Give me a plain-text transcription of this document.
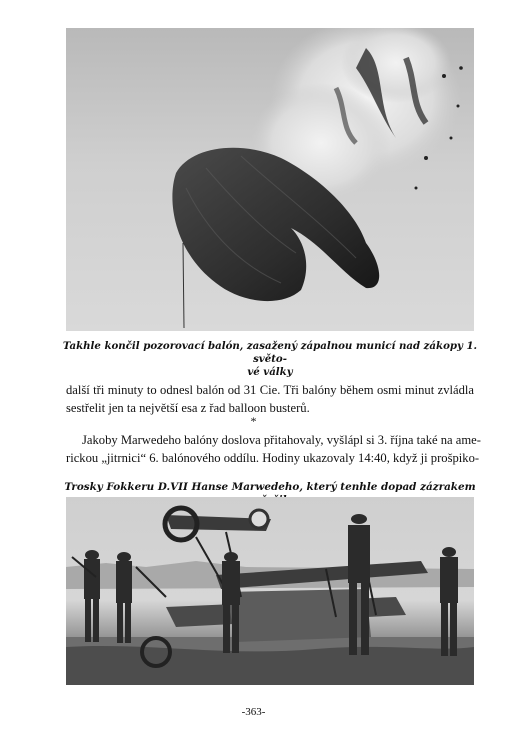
Takhle končil pozorovací balón, zasažený zápalnou municí nad zákopy 1. světo-
vé války
další tři minuty to odnesl balón od 31 Cie. Tři balóny během osmi minut zvládla
sestřelit jen ta největší esa z řad balloon busterů.
*
Jakoby Marwedeho balóny doslova přitahovaly, vyšlápl si 3. října také na ame-
rickou „jitrnici“ 6. balónového oddílu. Hodiny ukazovaly 14:40, když ji prošpiko-
Trosky Fokkeru D.VII Hanse Marwedeho, který tenhle dopad zázrakem
-363-
